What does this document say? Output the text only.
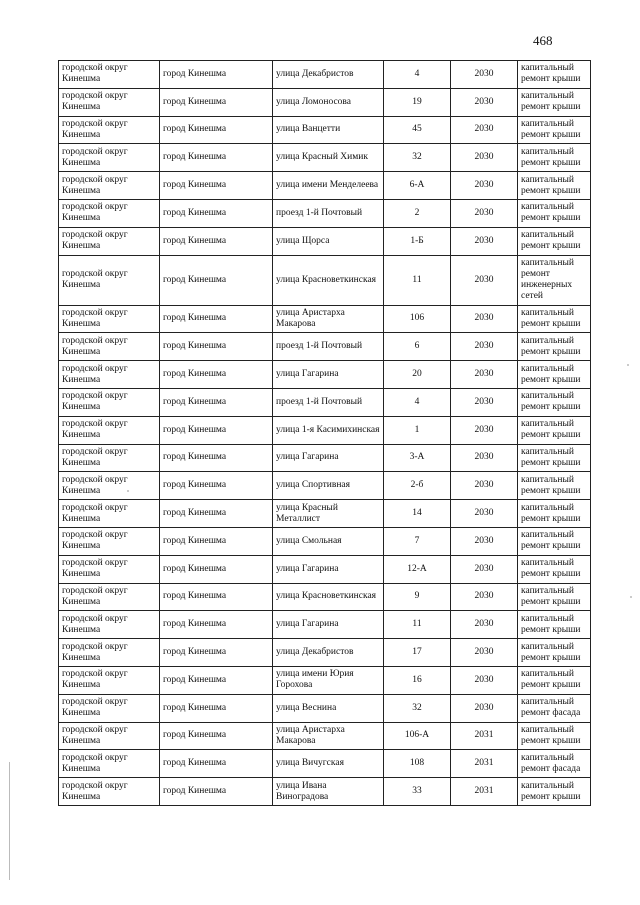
468
городской округ Кинешма	город Кинешма	улица Декабристов	4	2030	капитальный ремонт крыши
городской округ Кинешма	город Кинешма	улица Ломоносова	19	2030	капитальный ремонт крыши
городской округ Кинешма	город Кинешма	улица Ванцетти	45	2030	капитальный ремонт крыши
городской округ Кинешма	город Кинешма	улица Красный Химик	32	2030	капитальный ремонт крыши
городской округ Кинешма	город Кинешма	улица имени Менделеева	6-А	2030	капитальный ремонт крыши
городской округ Кинешма	город Кинешма	проезд 1-й Почтовый	2	2030	капитальный ремонт крыши
городской округ Кинешма	город Кинешма	улица Щорса	1-Б	2030	капитальный ремонт крыши
городской округ Кинешма	город Кинешма	улица Красноветкинская	11	2030	капитальный ремонт инженерных сетей
городской округ Кинешма	город Кинешма	улица Аристарха Макарова	106	2030	капитальный ремонт крыши
городской округ Кинешма	город Кинешма	проезд 1-й Почтовый	6	2030	капитальный ремонт крыши
городской округ Кинешма	город Кинешма	улица Гагарина	20	2030	капитальный ремонт крыши
городской округ Кинешма	город Кинешма	проезд 1-й Почтовый	4	2030	капитальный ремонт крыши
городской округ Кинешма	город Кинешма	улица 1-я Касимихинская	1	2030	капитальный ремонт крыши
городской округ Кинешма	город Кинешма	улица Гагарина	3-А	2030	капитальный ремонт крыши
городской округ Кинешма	город Кинешма	улица Спортивная	2-б	2030	капитальный ремонт крыши
городской округ Кинешма	город Кинешма	улица Красный Металлист	14	2030	капитальный ремонт крыши
городской округ Кинешма	город Кинешма	улица Смольная	7	2030	капитальный ремонт крыши
городской округ Кинешма	город Кинешма	улица Гагарина	12-А	2030	капитальный ремонт крыши
городской округ Кинешма	город Кинешма	улица Красноветкинская	9	2030	капитальный ремонт крыши
городской округ Кинешма	город Кинешма	улица Гагарина	11	2030	капитальный ремонт крыши
городской округ Кинешма	город Кинешма	улица Декабристов	17	2030	капитальный ремонт крыши
городской округ Кинешма	город Кинешма	улица имени Юрия Горохова	16	2030	капитальный ремонт крыши
городской округ Кинешма	город Кинешма	улица Веснина	32	2030	капитальный ремонт фасада
городской округ Кинешма	город Кинешма	улица Аристарха Макарова	106-А	2031	капитальный ремонт крыши
городской округ Кинешма	город Кинешма	улица Вичугская	108	2031	капитальный ремонт фасада
городской округ Кинешма	город Кинешма	улица Ивана Виноградова	33	2031	капитальный ремонт крыши
